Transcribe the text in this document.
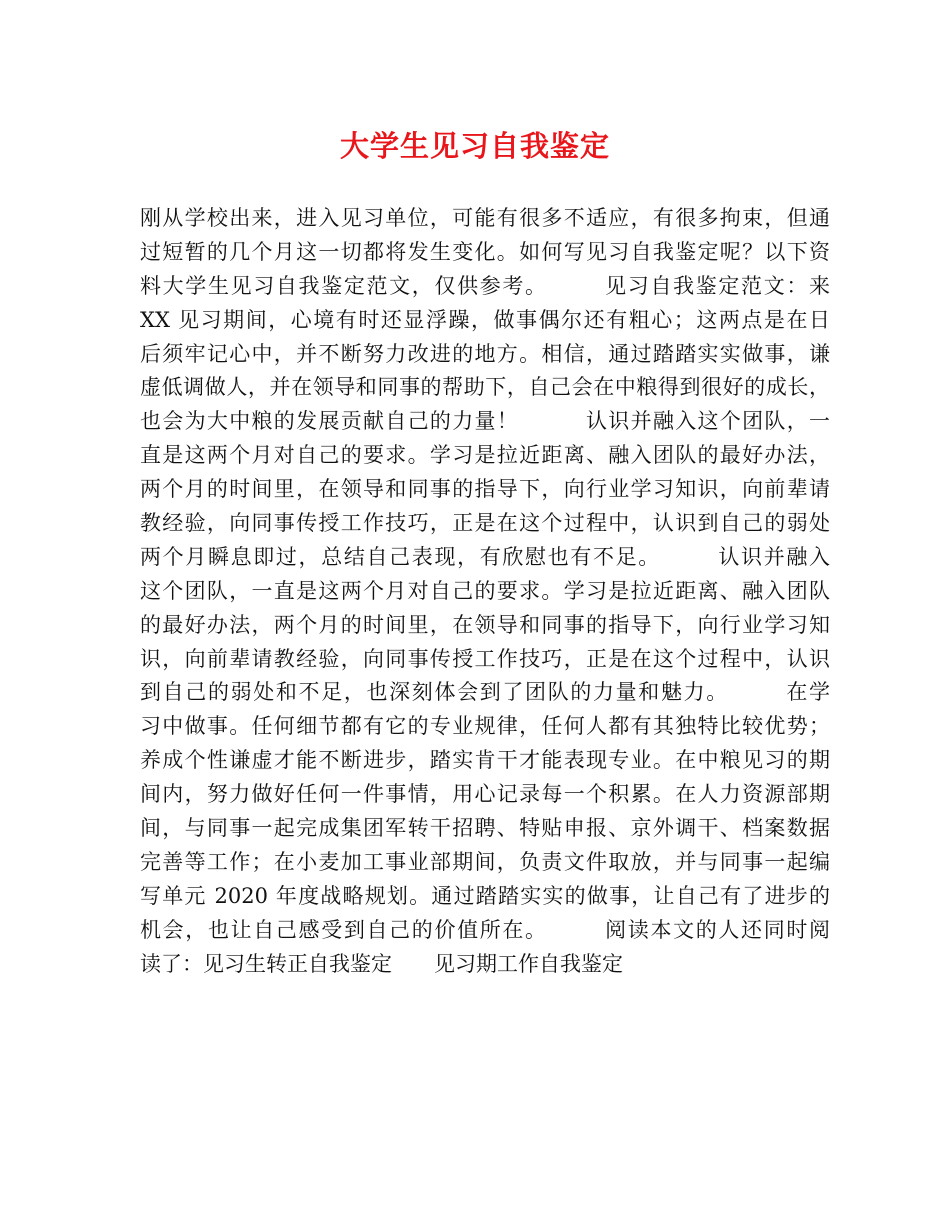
大学生见习自我鉴定
刚从学校出来，进入见习单位，可能有很多不适应，有很多拘束，但通
过短暂的几个月这一切都将发生变化。如何写见习自我鉴定呢？以下资
料大学生见习自我鉴定范文，仅供参考。　　　见习自我鉴定范文：来
XX 见习期间，心境有时还显浮躁，做事偶尔还有粗心；这两点是在日
后须牢记心中，并不断努力改进的地方。相信，通过踏踏实实做事，谦
虚低调做人，并在领导和同事的帮助下，自己会在中粮得到很好的成长，
也会为大中粮的发展贡献自己的力量！　　　认识并融入这个团队，一
直是这两个月对自己的要求。学习是拉近距离、融入团队的最好办法，
两个月的时间里，在领导和同事的指导下，向行业学习知识，向前辈请
教经验，向同事传授工作技巧，正是在这个过程中，认识到自己的弱处
两个月瞬息即过，总结自己表现，有欣慰也有不足。　　　认识并融入
这个团队，一直是这两个月对自己的要求。学习是拉近距离、融入团队
的最好办法，两个月的时间里，在领导和同事的指导下，向行业学习知
识，向前辈请教经验，向同事传授工作技巧，正是在这个过程中，认识
到自己的弱处和不足，也深刻体会到了团队的力量和魅力。　　　在学
习中做事。任何细节都有它的专业规律，任何人都有其独特比较优势；
养成个性谦虚才能不断进步，踏实肯干才能表现专业。在中粮见习的期
间内，努力做好任何一件事情，用心记录每一个积累。在人力资源部期
间，与同事一起完成集团军转干招聘、特贴申报、京外调干、档案数据
完善等工作；在小麦加工事业部期间，负责文件取放，并与同事一起编
写单元 2020 年度战略规划。通过踏踏实实的做事，让自己有了进步的
机会，也让自己感受到自己的价值所在。　　　阅读本文的人还同时阅
读了：见习生转正自我鉴定　　见习期工作自我鉴定
